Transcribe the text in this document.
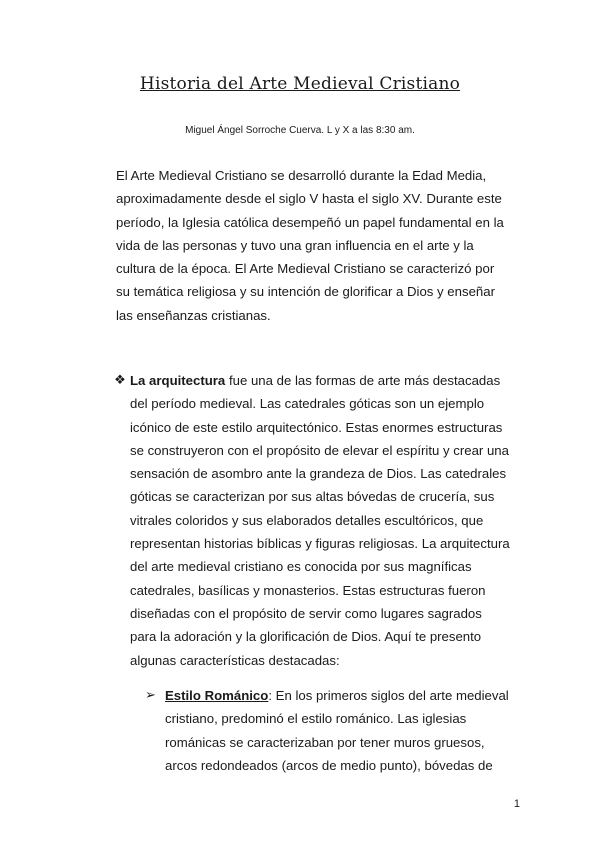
Historia del Arte Medieval Cristiano

Miguel Ángel Sorroche Cuerva. L y X a las 8:30 am.

El Arte Medieval Cristiano se desarrolló durante la Edad Media, aproximadamente desde el siglo V hasta el siglo XV. Durante este período, la Iglesia católica desempeñó un papel fundamental en la vida de las personas y tuvo una gran influencia en el arte y la cultura de la época. El Arte Medieval Cristiano se caracterizó por su temática religiosa y su intención de glorificar a Dios y enseñar las enseñanzas cristianas.

❖ La arquitectura fue una de las formas de arte más destacadas del período medieval. Las catedrales góticas son un ejemplo icónico de este estilo arquitectónico. Estas enormes estructuras se construyeron con el propósito de elevar el espíritu y crear una sensación de asombro ante la grandeza de Dios. Las catedrales góticas se caracterizan por sus altas bóvedas de crucería, sus vitrales coloridos y sus elaborados detalles escultóricos, que representan historias bíblicas y figuras religiosas. La arquitectura del arte medieval cristiano es conocida por sus magníficas catedrales, basílicas y monasterios. Estas estructuras fueron diseñadas con el propósito de servir como lugares sagrados para la adoración y la glorificación de Dios. Aquí te presento algunas características destacadas:
➢ Estilo Románico: En los primeros siglos del arte medieval cristiano, predominó el estilo románico. Las iglesias románicas se caracterizaban por tener muros gruesos, arcos redondeados (arcos de medio punto), bóvedas de
1
